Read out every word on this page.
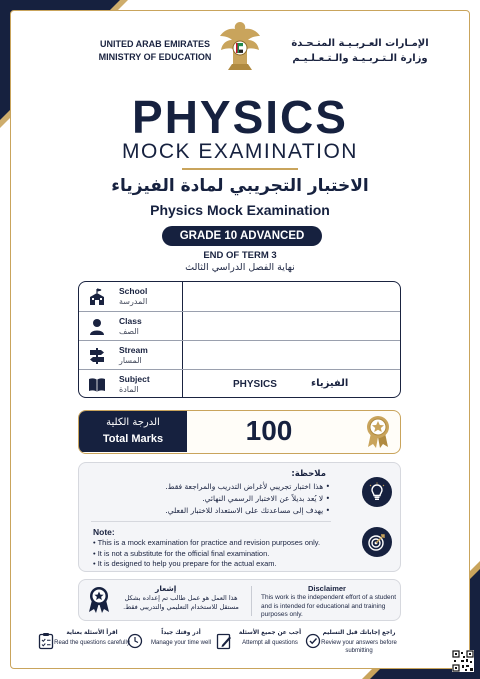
UNITED ARAB EMIRATES
MINISTRY OF EDUCATION
الإمـارات العـربـيـة المتـحـدة
وزارة الـتـربـيـة والـتـعـلـيـم
PHYSICS
MOCK EXAMINATION
الاختبار التجريبي لمادة الفيزياء
Physics Mock Examination
GRADE 10 ADVANCED
END OF TERM 3
نهاية الفصل الدراسي الثالث
School
المدرسة
Class
الصف
Stream
المسار
Subject
المادة	PHYSICS	الفيزياء
الدرجة الكلية
Total Marks	100
ملاحظة:
• هذا اختبار تجريبي لأغراض التدريب والمراجعة فقط.
• لا يُعد بديلاً عن الاختبار الرسمي النهائي.
• يهدف إلى مساعدتك على الاستعداد للاختبار الفعلي.
Note:
• This is a mock examination for practice and revision purposes only.
• It is not a substitute for the official final examination.
• It is designed to help you prepare for the actual exam.
إشعار
هذا العمل هو عمل طالب تم إعداده بشكل مستقل للاستخدام التعليمي والتدريبي فقط.
Disclaimer
This work is the independent effort of a student and is intended for educational and training purposes only.
اقرأ الأسئلة بعناية
Read the questions carefully
أدر وقتك جيداً
Manage your time well
أجب عن جميع الأسئلة
Attempt all questions
راجع إجاباتك قبل التسليم
Review your answers before submitting
